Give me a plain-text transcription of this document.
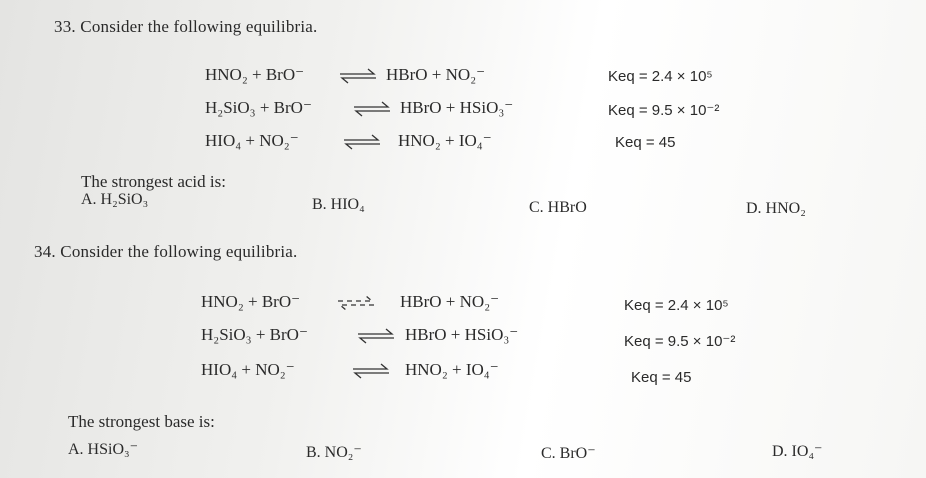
33. Consider the following equilibria.
HNO₂ + BrO⁻ ⇌ HBrO + NO₂⁻	Keq = 2.4 × 10⁵
H₂SiO₃ + BrO⁻	⇌ HBrO + HSiO₃⁻	Keq = 9.5 × 10⁻²
HIO₄ + NO₂⁻	⇌ HNO₂ + IO₄⁻	Keq = 45
The strongest acid is:
A. H₂SiO₃	B. HIO₄	C. HBrO	D. HNO₂
34. Consider the following equilibria.
HNO₂ + BrO⁻ ⇌ HBrO + NO₂⁻	Keq = 2.4 × 10⁵
H₂SiO₃ + BrO⁻	⇌ HBrO + HSiO₃⁻	Keq = 9.5 × 10⁻²
HIO₄ + NO₂⁻	⇌ HNO₂ + IO₄⁻	Keq = 45
The strongest base is:
A. HSiO₃⁻	B. NO₂⁻	C. BrO⁻	D. IO₄⁻
